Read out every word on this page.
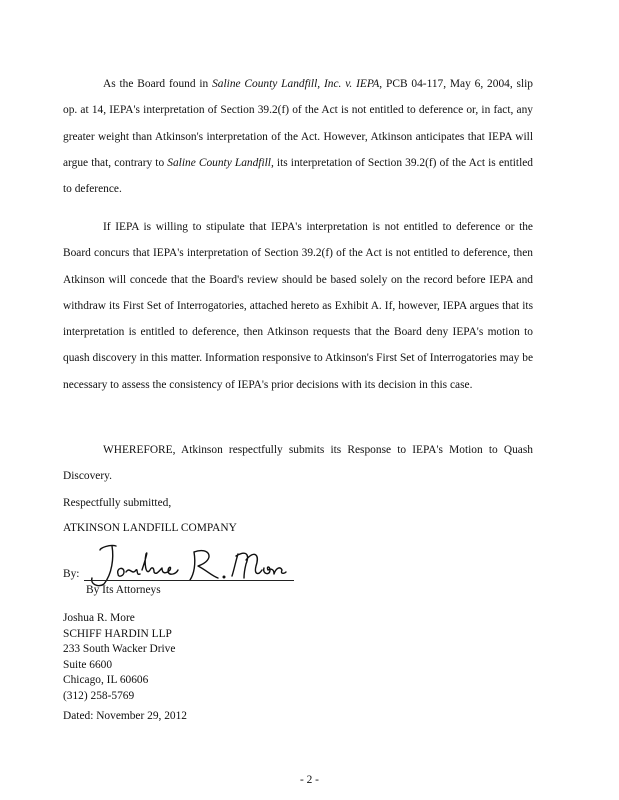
As the Board found in Saline County Landfill, Inc. v. IEPA, PCB 04-117, May 6, 2004, slip op. at 14, IEPA's interpretation of Section 39.2(f) of the Act is not entitled to deference or, in fact, any greater weight than Atkinson's interpretation of the Act. However, Atkinson anticipates that IEPA will argue that, contrary to Saline County Landfill, its interpretation of Section 39.2(f) of the Act is entitled to deference.

If IEPA is willing to stipulate that IEPA's interpretation is not entitled to deference or the Board concurs that IEPA's interpretation of Section 39.2(f) of the Act is not entitled to deference, then Atkinson will concede that the Board's review should be based solely on the record before IEPA and withdraw its First Set of Interrogatories, attached hereto as Exhibit A. If, however, IEPA argues that its interpretation is entitled to deference, then Atkinson requests that the Board deny IEPA's motion to quash discovery in this matter. Information responsive to Atkinson's First Set of Interrogatories may be necessary to assess the consistency of IEPA's prior decisions with its decision in this case.

WHEREFORE, Atkinson respectfully submits its Response to IEPA's Motion to Quash Discovery.

Respectfully submitted,
ATKINSON LANDFILL COMPANY
By:
By Its Attorneys
Joshua R. More
SCHIFF HARDIN LLP
233 South Wacker Drive
Suite 6600
Chicago, IL 60606
(312) 258-5769
Dated: November 29, 2012
- 2 -
